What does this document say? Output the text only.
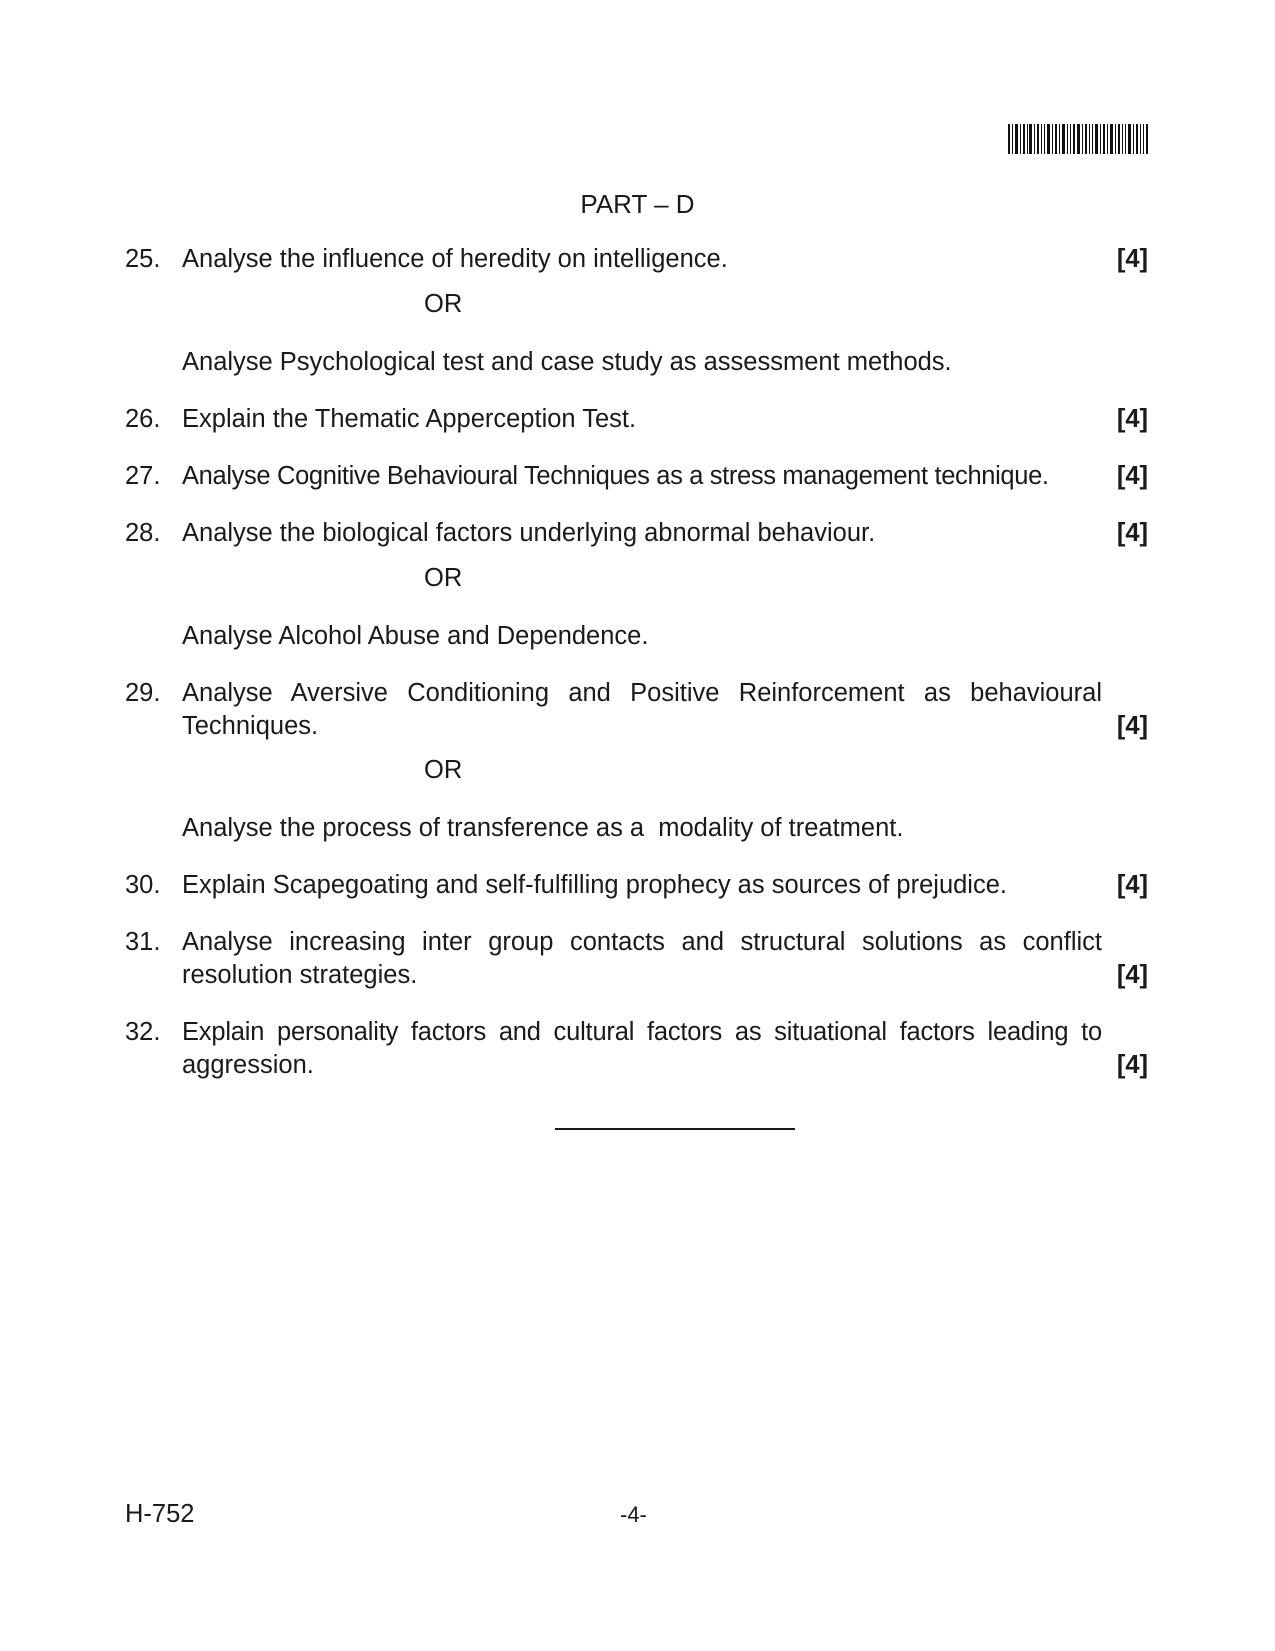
PART – D
25. Analyse the influence of heredity on intelligence.	[4]
OR
Analyse Psychological test and case study as assessment methods.
26. Explain the Thematic Apperception Test.	[4]
27. Analyse Cognitive Behavioural Techniques as a stress management technique.	[4]
28. Analyse the biological factors underlying abnormal behaviour.	[4]
OR
Analyse Alcohol Abuse and Dependence.
29. Analyse Aversive Conditioning and Positive Reinforcement as behavioural
Techniques.	[4]
OR
Analyse the process of transference as a  modality of treatment.
30. Explain Scapegoating and self-fulfilling prophecy as sources of prejudice.	[4]
31. Analyse increasing inter group contacts and structural solutions as conflict
resolution strategies.	[4]
32. Explain personality factors and cultural factors as situational factors leading to
aggression.	[4]
H-752	-4-
